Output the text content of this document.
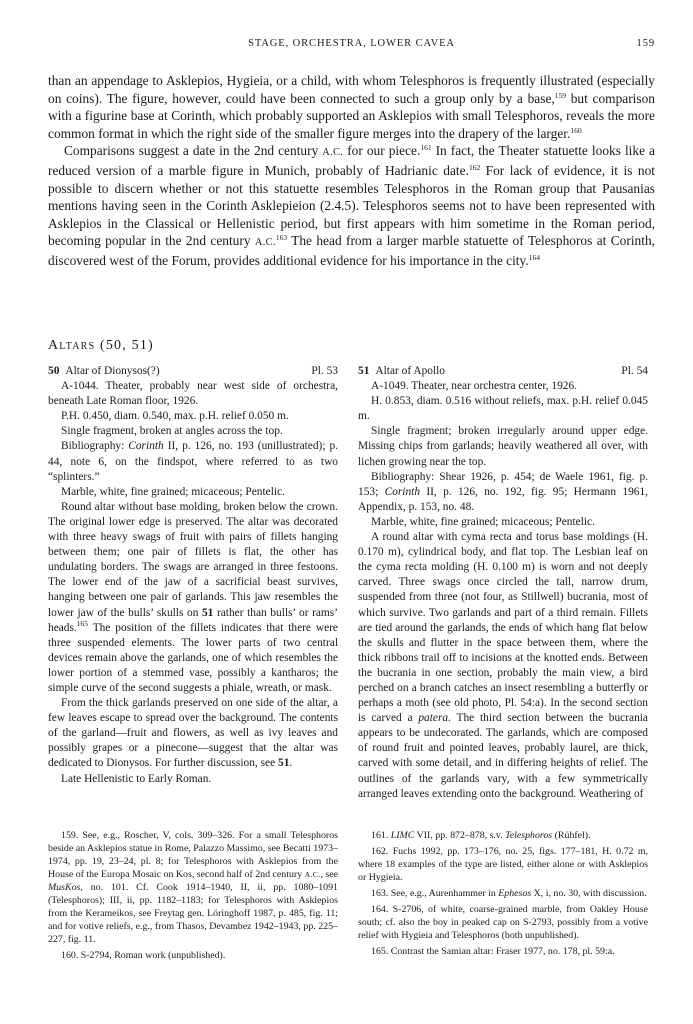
STAGE, ORCHESTRA, LOWER CAVEA	159

than an appendage to Asklepios, Hygieia, or a child, with whom Telesphoros is frequently illustrated (especially on coins). The figure, however, could have been connected to such a group only by a base,$^{159}$ but comparison with a figurine base at Corinth, which probably supported an Asklepios with small Telesphoros, reveals the more common format in which the right side of the smaller figure merges into the drapery of the larger.$^{160}$

Comparisons suggest a date in the 2nd century A.C. for our piece.$^{161}$ In fact, the Theater statuette looks like a reduced version of a marble figure in Munich, probably of Hadrianic date.$^{162}$ For lack of evidence, it is not possible to discern whether or not this statuette resembles Telesphoros in the Roman group that Pausanias mentions having seen in the Corinth Asklepieion (2.4.5). Telesphoros seems not to have been represented with Asklepios in the Classical or Hellenistic period, but first appears with him sometime in the Roman period, becoming popular in the 2nd century A.C.$^{163}$ The head from a larger marble statuette of Telesphoros at Corinth, discovered west of the Forum, provides additional evidence for his importance in the city.$^{164}$

Altars (50, 51)
50 Altar of Dionysos(?)	Pl. 53

A-1044. Theater, probably near west side of orchestra, beneath Late Roman floor, 1926.

P.H. 0.450, diam. 0.540, max. p.H. relief 0.050 m.

Single fragment, broken at angles across the top.

Bibliography: Corinth II, p. 126, no. 193 (unillustrated); p. 44, note 6, on the findspot, where referred to as two “splinters.”

Marble, white, fine grained; micaceous; Pentelic.

Round altar without base molding, broken below the crown. The original lower edge is preserved. The altar was decorated with three heavy swags of fruit with pairs of fillets hanging between them; one pair of fillets is flat, the other has undulating borders. The swags are arranged in three festoons. The lower end of the jaw of a sacrificial beast survives, hanging between one pair of garlands. This jaw resembles the lower jaw of the bulls’ skulls on 51 rather than bulls’ or rams’ heads.$^{165}$ The position of the fillets indicates that there were three suspended elements. The lower parts of two central devices remain above the garlands, one of which resembles the lower portion of a stemmed vase, possibly a kantharos; the simple curve of the second suggests a phiale, wreath, or mask.

From the thick garlands preserved on one side of the altar, a few leaves escape to spread over the background. The contents of the garland—fruit and flowers, as well as ivy leaves and possibly grapes or a pinecone—suggest that the altar was dedicated to Dionysos. For further discussion, see 51.

Late Hellenistic to Early Roman.

51 Altar of Apollo	Pl. 54

A-1049. Theater, near orchestra center, 1926.

H. 0.853, diam. 0.516 without reliefs, max. p.H. relief 0.045 m.

Single fragment; broken irregularly around upper edge. Missing chips from garlands; heavily weathered all over, with lichen growing near the top.

Bibliography: Shear 1926, p. 454; de Waele 1961, fig. p. 153; Corinth II, p. 126, no. 192, fig. 95; Hermann 1961, Appendix, p. 153, no. 48.

Marble, white, fine grained; micaceous; Pentelic.

A round altar with cyma recta and torus base moldings (H. 0.170 m), cylindrical body, and flat top. The Lesbian leaf on the cyma recta molding (H. 0.100 m) is worn and not deeply carved. Three swags once circled the tall, narrow drum, suspended from three (not four, as Stillwell) bucrania, most of which survive. Two garlands and part of a third remain. Fillets are tied around the garlands, the ends of which hang flat below the skulls and flutter in the space between them, where the thick ribbons trail off to incisions at the knotted ends. Between the bucrania in one section, probably the main view, a bird perched on a branch catches an insect resembling a butterfly or perhaps a moth (see old photo, Pl. 54:a). In the second section is carved a patera. The third section between the bucrania appears to be undecorated. The garlands, which are composed of round fruit and pointed leaves, probably laurel, are thick, carved with some detail, and in differing heights of relief. The outlines of the garlands vary, with a few symmetrically arranged leaves extending onto the background. Weathering of

159. See, e.g., Roscher, V, cols. 309–326. For a small Telesphoros beside an Asklepios statue in Rome, Palazzo Massimo, see Becatti 1973–1974, pp. 19, 23–24, pl. 8; for Telesphoros with Asklepios from the House of the Europa Mosaic on Kos, second half of 2nd century A.C., see MusKos, no. 101. Cf. Cook 1914–1940, II, ii, pp. 1080–1091 (Telesphoros); III, ii, pp. 1182–1183; for Telesphoros with Asklepios from the Kerameikos, see Freytag gen. Löringhoff 1987, p. 485, fig. 11; and for votive reliefs, e.g., from Thasos, Devambez 1942–1943, pp. 225–227, fig. 11.

160. S-2794, Roman work (unpublished).

161. LIMC VII, pp. 872–878, s.v. Telesphoros (Rühfel).

162. Fuchs 1992, pp. 173–176, no. 25, figs. 177–181, H. 0.72 m, where 18 examples of the type are listed, either alone or with Asklepios or Hygieia.

163. See, e.g., Aurenhammer in Ephesos X, i, no. 30, with discussion.

164. S-2706, of white, coarse-grained marble, from Oakley House south; cf. also the boy in peaked cap on S-2793, possibly from a votive relief with Hygieia and Telesphoros (both unpublished).

165. Contrast the Samian altar: Fraser 1977, no. 178, pl. 59:a.
